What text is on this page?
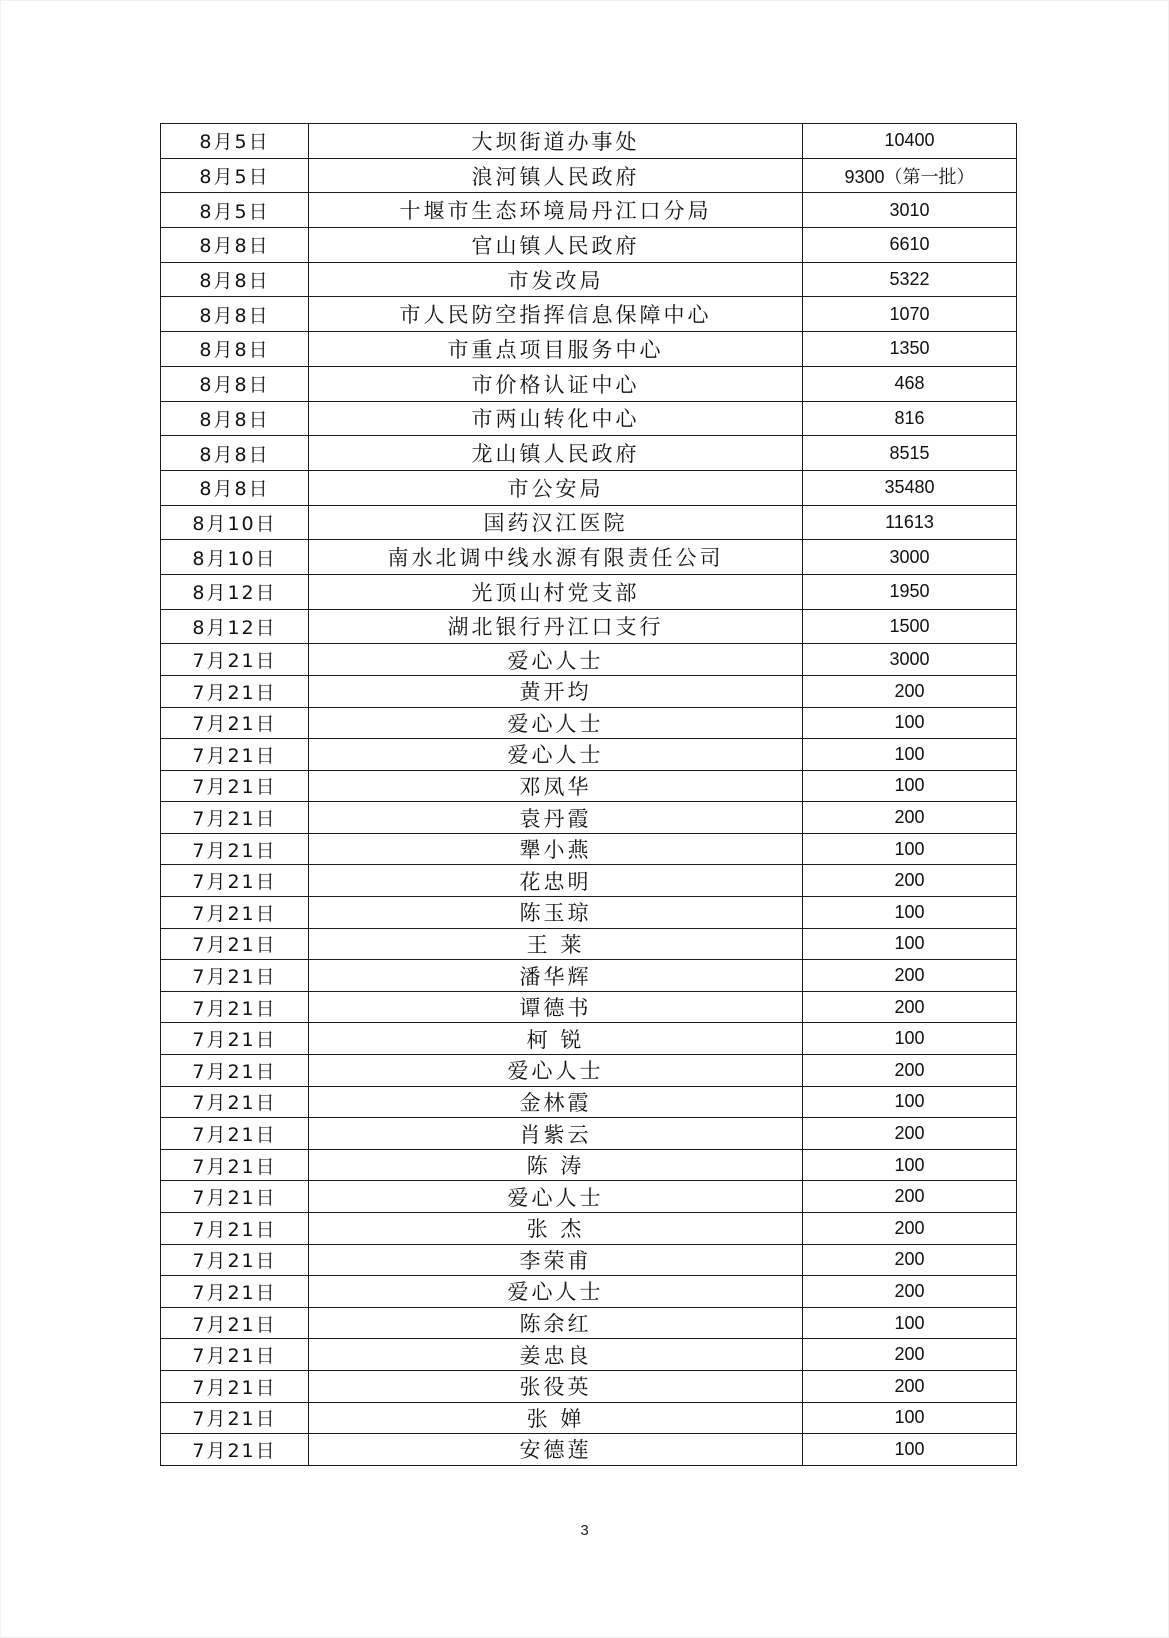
8月5日	大坝街道办事处	10400
8月5日	浪河镇人民政府	9300（第一批）
8月5日	十堰市生态环境局丹江口分局	3010
8月8日	官山镇人民政府	6610
8月8日	市发改局	5322
8月8日	市人民防空指挥信息保障中心	1070
8月8日	市重点项目服务中心	1350
8月8日	市价格认证中心	468
8月8日	市两山转化中心	816
8月8日	龙山镇人民政府	8515
8月8日	市公安局	35480
8月10日	国药汉江医院	11613
8月10日	南水北调中线水源有限责任公司	3000
8月12日	光顶山村党支部	1950
8月12日	湖北银行丹江口支行	1500
7月21日	爱心人士	3000
7月21日	黄开均	200
7月21日	爱心人士	100
7月21日	爱心人士	100
7月21日	邓凤华	100
7月21日	袁丹霞	200
7月21日	犟小燕	100
7月21日	花忠明	200
7月21日	陈玉琼	100
7月21日	王 莱	100
7月21日	潘华辉	200
7月21日	谭德书	200
7月21日	柯 锐	100
7月21日	爱心人士	200
7月21日	金林霞	100
7月21日	肖紫云	200
7月21日	陈 涛	100
7月21日	爱心人士	200
7月21日	张 杰	200
7月21日	李荣甫	200
7月21日	爱心人士	200
7月21日	陈余红	100
7月21日	姜忠良	200
7月21日	张役英	200
7月21日	张 婵	100
7月21日	安德莲	100
3
